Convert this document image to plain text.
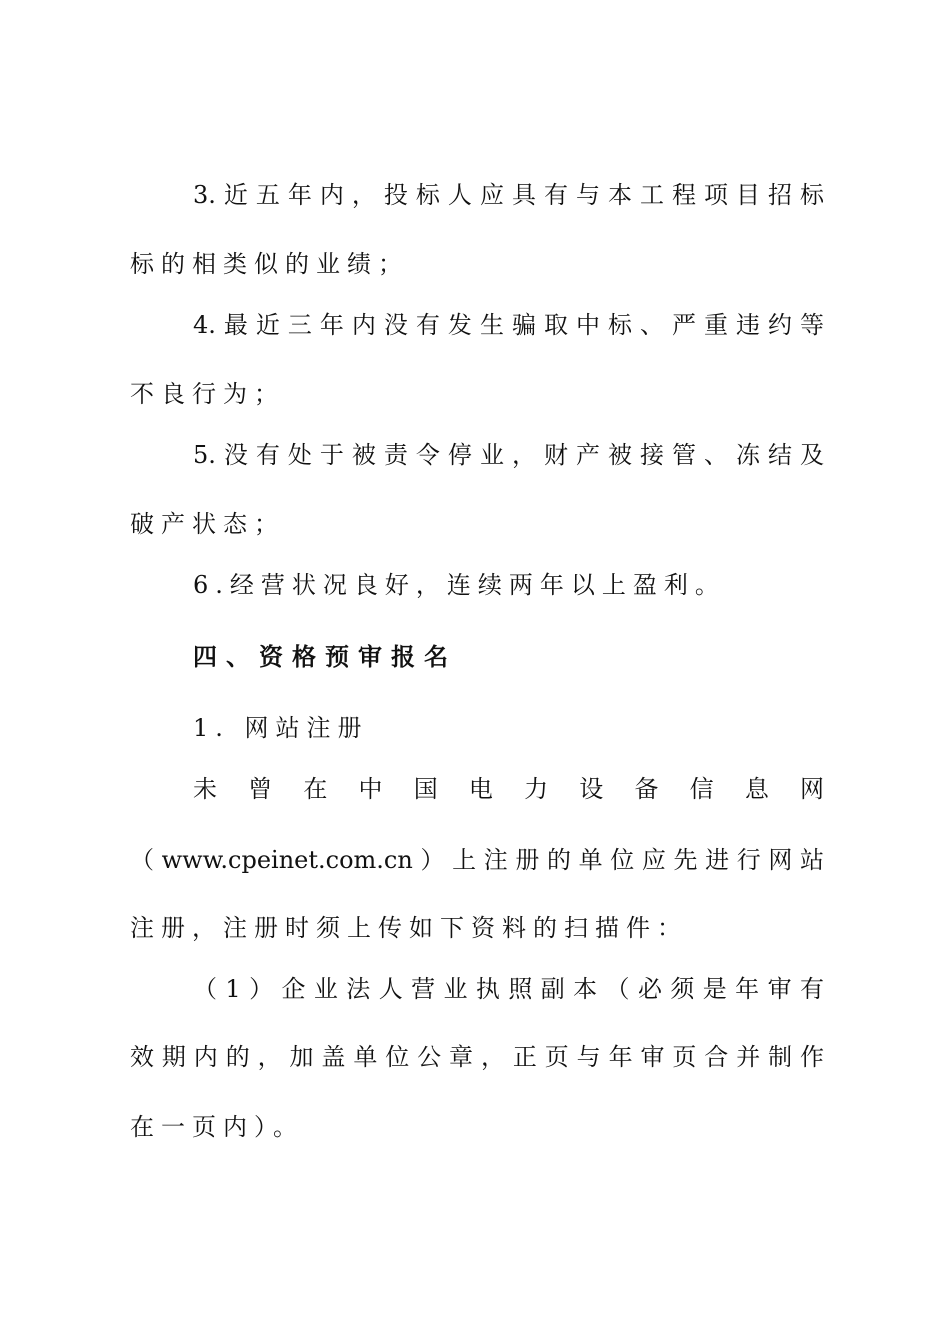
3.近五年内，投标人应具有与本工程项目招标
标的相类似的业绩；
4.最近三年内没有发生骗取中标、严重违约等
不良行为；
5.没有处于被责令停业，财产被接管、冻结及
破产状态；
6.经营状况良好，连续两年以上盈利。
四、资格预审报名
1. 网站注册
未曾在中国电力设备信息网
（www.cpeinet.com.cn）上注册的单位应先进行网站
注册，注册时须上传如下资料的扫描件：
（1）企业法人营业执照副本（必须是年审有
效期内的，加盖单位公章，正页与年审页合并制作
在一页内）。
